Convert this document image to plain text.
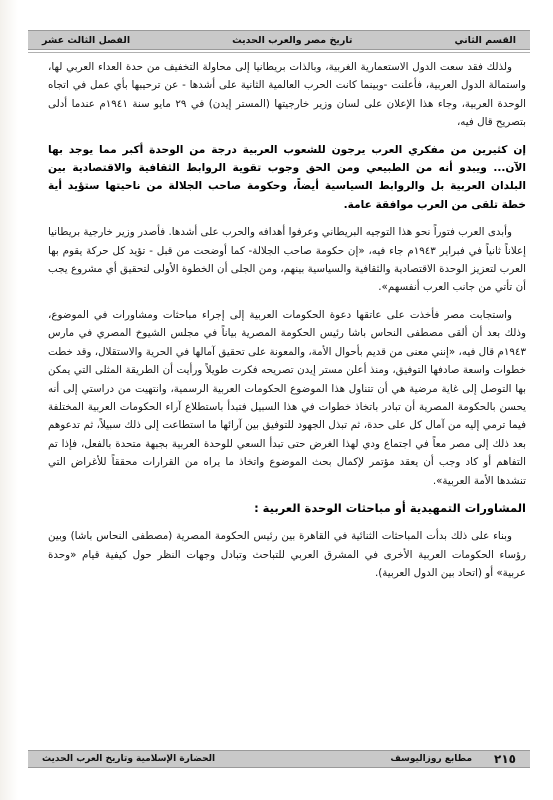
القسم الثاني
تاريخ مصر والعرب الحديث
الفصل الثالث عشر

ولذلك فقد سعت الدول الاستعمارية الغربية، وبالذات بريطانيا إلى محاولة التخفيف من حدة العداء العربي لها، واستمالة الدول العربية، فأعلنت -وبينما كانت الحرب العالمية الثانية على أشدها - عن ترحيبها بأي عمل في اتجاه الوحدة العربية، وجاء هذا الإعلان على لسان وزير خارجيتها (المستر إيدن) في ٢٩ مايو سنة ١٩٤١م عندما أدلى بتصريح قال فيه،

إن كثيرين من مفكري العرب يرجون للشعوب العربية درجة من الوحدة أكبر مما يوجد بها الآن... ويبدو أنه من الطبيعي ومن الحق وجوب تقوية الروابط الثقافية والاقتصادية بين البلدان العربية بل والروابط السياسية أيضاً، وحكومة صاحب الجلالة من ناحيتها ستؤيد أية خطة تلقى من العرب موافقة عامة.

وأبدى العرب فتوراً نحو هذا التوجيه البريطاني وعرفوا أهدافه والحرب على أشدها. فأصدر وزير خارجية بريطانيا إعلاناً ثانياً في فبراير ١٩٤٣م جاء فيه، «إن حكومة صاحب الجلالة- كما أوضحت من قبل - تؤيد كل حركة يقوم بها العرب لتعزيز الوحدة الاقتصادية والثقافية والسياسية بينهم، ومن الجلى أن الخطوة الأولى لتحقيق أي مشروع يجب أن تأتي من جانب العرب أنفسهم».

واستجابت مصر فأخذت على عاتقها دعوة الحكومات العربية إلى إجراء مباحثات ومشاورات في الموضوع، وذلك بعد أن ألقى مصطفى النحاس باشا رئيس الحكومة المصرية بياناً في مجلس الشيوخ المصري في مارس ١٩٤٣م قال فيه، «إنني معنى من قديم بأحوال الأمة، والمعونة على تحقيق آمالها في الحرية والاستقلال، وقد خطت خطوات واسعة صادفها التوفيق، ومنذ أعلن مستر إيدن تصريحه فكرت طويلاً ورأيت أن الطريقة المثلى التي يمكن بها التوصل إلى غاية مرضية هي أن تتناول هذا الموضوع الحكومات العربية الرسمية، وانتهيت من دراستي إلى أنه يحسن بالحكومة المصرية أن تبادر باتخاذ خطوات في هذا السبيل فتبدأ باستطلاع آراء الحكومات العربية المختلفة فيما ترمي إليه من آمال كل على حدة، ثم تبذل الجهود للتوفيق بين آرائها ما استطاعت إلى ذلك سبيلاً، ثم تدعوهم بعد ذلك إلى مصر معاً في اجتماع ودي لهذا الغرض حتى تبدأ السعي للوحدة العربية بجبهة متحدة بالفعل، فإذا تم التفاهم أو كاد وجب أن يعقد مؤتمر لإكمال بحث الموضوع واتخاذ ما يراه من القرارات محققاً للأغراض التي تنشدها الأمة العربية».

المشاورات التمهيدية أو مباحثات الوحدة العربية :

وبناء على ذلك بدأت المباحثات الثنائية في القاهرة بين رئيس الحكومة المصرية (مصطفى النحاس باشا) وبين رؤساء الحكومات العربية الأخرى في المشرق العربي للتباحث وتبادل وجهات النظر حول كيفية قيام «وحدة عربية» أو (اتحاد بين الدول العربية).

٢١٥
مطابع روزاليوسف
الحضارة الإسلامية وتاريخ العرب الحديث
